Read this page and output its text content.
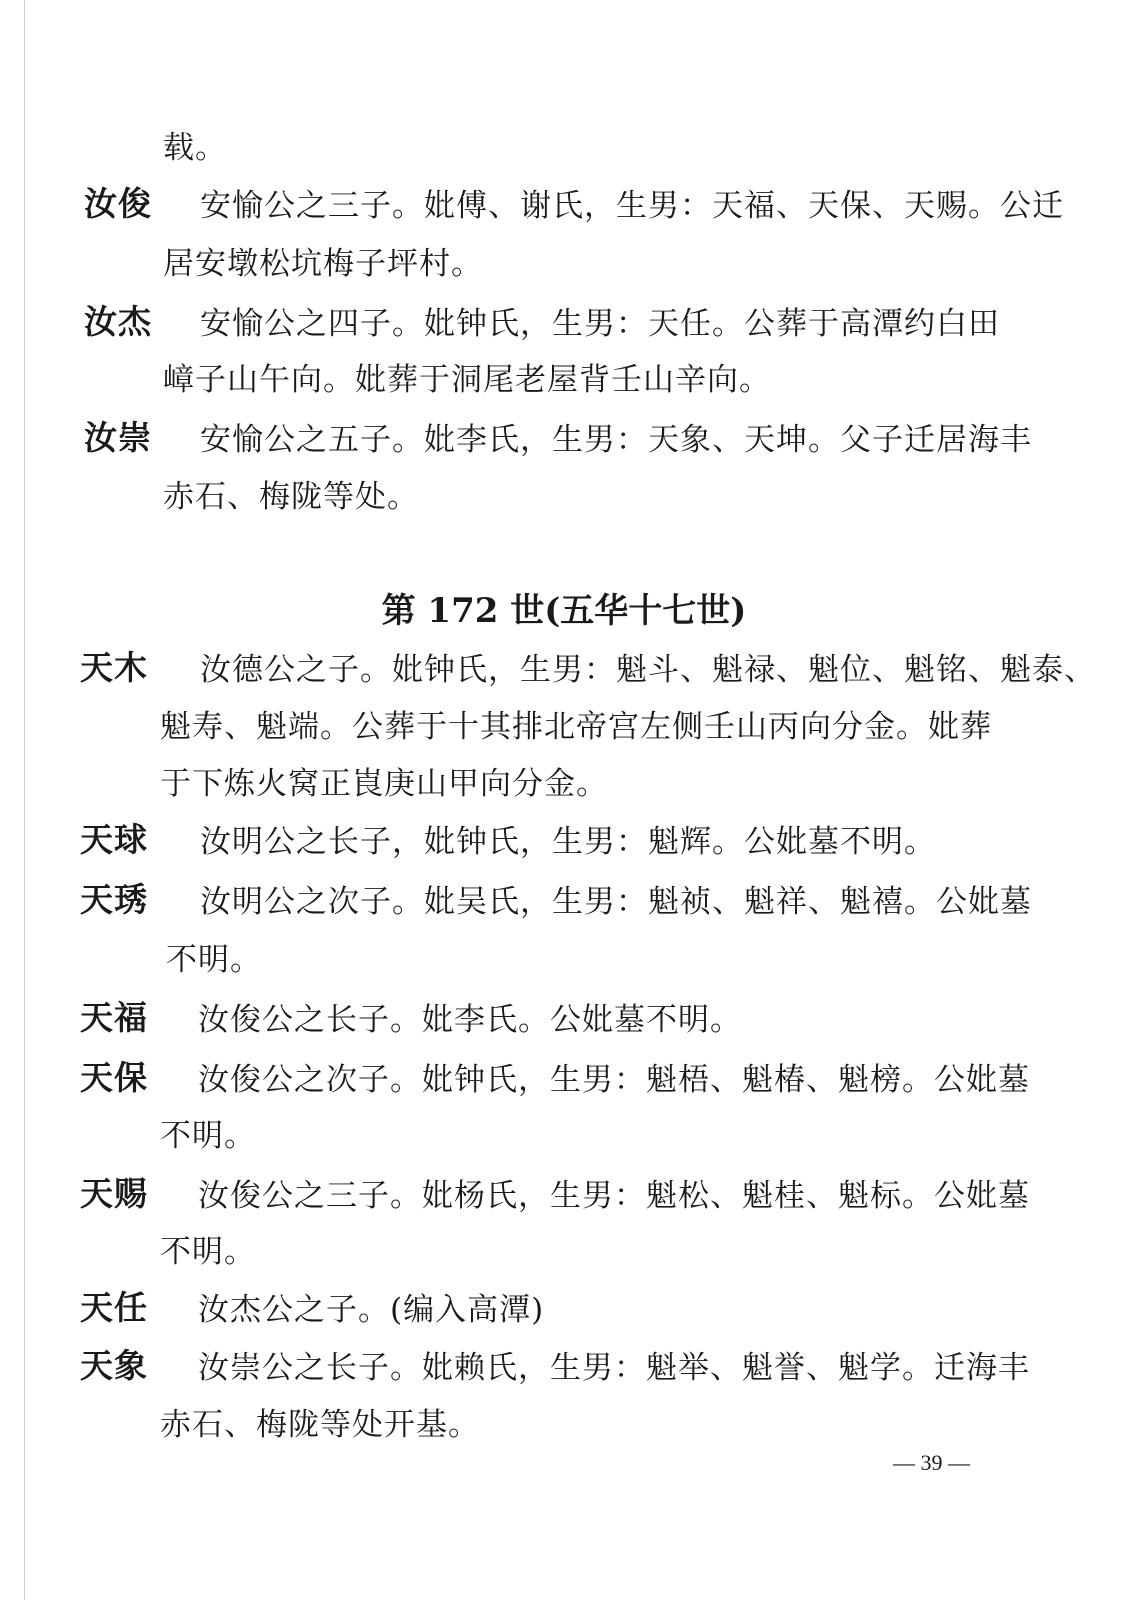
载。
汝俊 安愉公之三子。妣傅、谢氏，生男：天福、天保、天赐。公迁
居安墩松坑梅子坪村。
汝杰 安愉公之四子。妣钟氏，生男：天任。公葬于高潭约白田
嶂子山午向。妣葬于洞尾老屋背壬山辛向。
汝崇 安愉公之五子。妣李氏，生男：天象、天坤。父子迁居海丰
赤石、梅陇等处。
第 172 世(五华十七世)
天木 汝德公之子。妣钟氏，生男：魁斗、魁禄、魁位、魁铭、魁泰、
魁寿、魁端。公葬于十其排北帝宫左侧壬山丙向分金。妣葬
于下炼火窝正崀庚山甲向分金。
天球 汝明公之长子，妣钟氏，生男：魁辉。公妣墓不明。
天琇 汝明公之次子。妣吴氏，生男：魁祯、魁祥、魁禧。公妣墓
不明。
天福 汝俊公之长子。妣李氏。公妣墓不明。
天保 汝俊公之次子。妣钟氏，生男：魁梧、魁椿、魁榜。公妣墓
不明。
天赐 汝俊公之三子。妣杨氏，生男：魁松、魁桂、魁标。公妣墓
不明。
天任 汝杰公之子。(编入高潭)
天象 汝崇公之长子。妣赖氏，生男：魁举、魁誉、魁学。迁海丰
赤石、梅陇等处开基。
— 39 —
